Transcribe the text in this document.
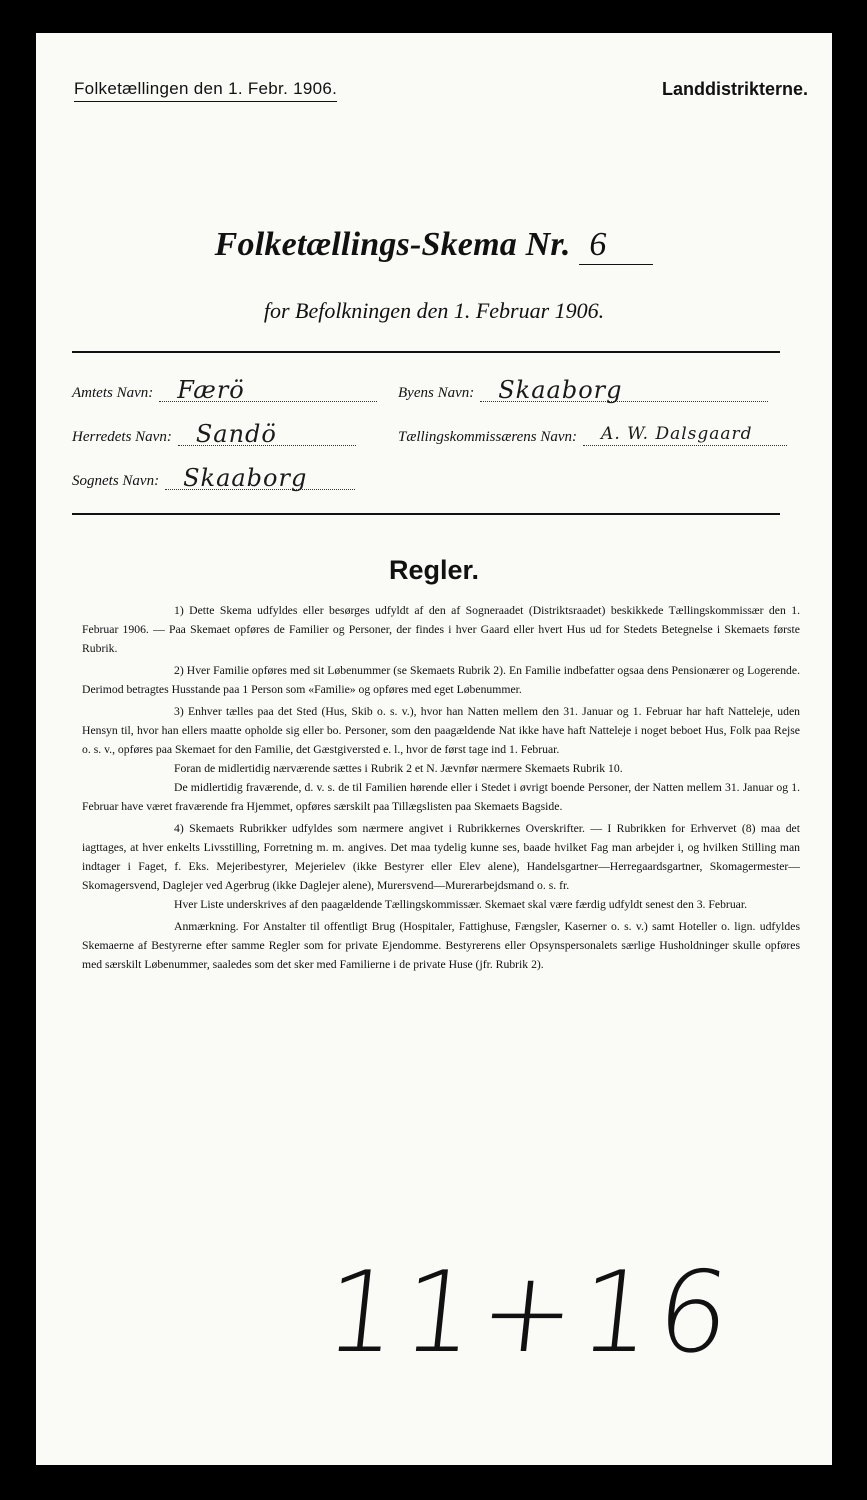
Folketællingen den 1. Febr. 1906.	Landdistrikterne.
Folketællings-Skema Nr. 6
for Befolkningen den 1. Februar 1906.
Amtets Navn:	Færö	Byens Navn:	Skaaborg
Herredets Navn:	Sandö	Tællingskommissærens Navn:	A. W. Dalsgaard
Sognets Navn:	Skaaborg
Regler.

1) Dette Skema udfyldes eller besørges udfyldt af den af Sogneraadet (Distriktsraadet) beskikkede Tællingskommissær den 1. Februar 1906. — Paa Skemaet opføres de Familier og Personer, der findes i hver Gaard eller hvert Hus ud for Stedets Betegnelse i Skemaets første Rubrik.

2) Hver Familie opføres med sit Løbenummer (se Skemaets Rubrik 2). En Familie indbefatter ogsaa dens Pensionærer og Logerende. Derimod betragtes Husstande paa 1 Person som «Familie» og opføres med eget Løbenummer.

3) Enhver tælles paa det Sted (Hus, Skib o. s. v.), hvor han Natten mellem den 31. Januar og 1. Februar har haft Natteleje, uden Hensyn til, hvor han ellers maatte opholde sig eller bo. Personer, som den paagældende Nat ikke have haft Natteleje i noget beboet Hus, Folk paa Rejse o. s. v., opføres paa Skemaet for den Familie, det Gæstgiversted e. l., hvor de først tage ind 1. Februar.

Foran de midlertidig nærværende sættes i Rubrik 2 et N. Jævnfør nærmere Skemaets Rubrik 10.

De midlertidig fraværende, d. v. s. de til Familien hørende eller i Stedet i øvrigt boende Personer, der Natten mellem 31. Januar og 1. Februar have været fraværende fra Hjemmet, opføres særskilt paa Tillægslisten paa Skemaets Bagside.

4) Skemaets Rubrikker udfyldes som nærmere angivet i Rubrikkernes Overskrifter. — I Rubrikken for Erhvervet (8) maa det iagttages, at hver enkelts Livsstilling, Forretning m. m. angives. Det maa tydelig kunne ses, baade hvilket Fag man arbejder i, og hvilken Stilling man indtager i Faget, f. Eks. Mejeribestyrer, Mejerielev (ikke Bestyrer eller Elev alene), Handelsgartner—Herregaardsgartner, Skomagermester—Skomagersvend, Daglejer ved Agerbrug (ikke Daglejer alene), Murersvend—Murerarbejdsmand o. s. fr.

Hver Liste underskrives af den paagældende Tællingskommissær. Skemaet skal være færdig udfyldt senest den 3. Februar.

Anmærkning. For Anstalter til offentligt Brug (Hospitaler, Fattighuse, Fængsler, Kaserner o. s. v.) samt Hoteller o. lign. udfyldes Skemaerne af Bestyrerne efter samme Regler som for private Ejendomme. Bestyrerens eller Opsynspersonalets særlige Husholdninger skulle opføres med særskilt Løbenummer, saaledes som det sker med Familierne i de private Huse (jfr. Rubrik 2).

11+16
